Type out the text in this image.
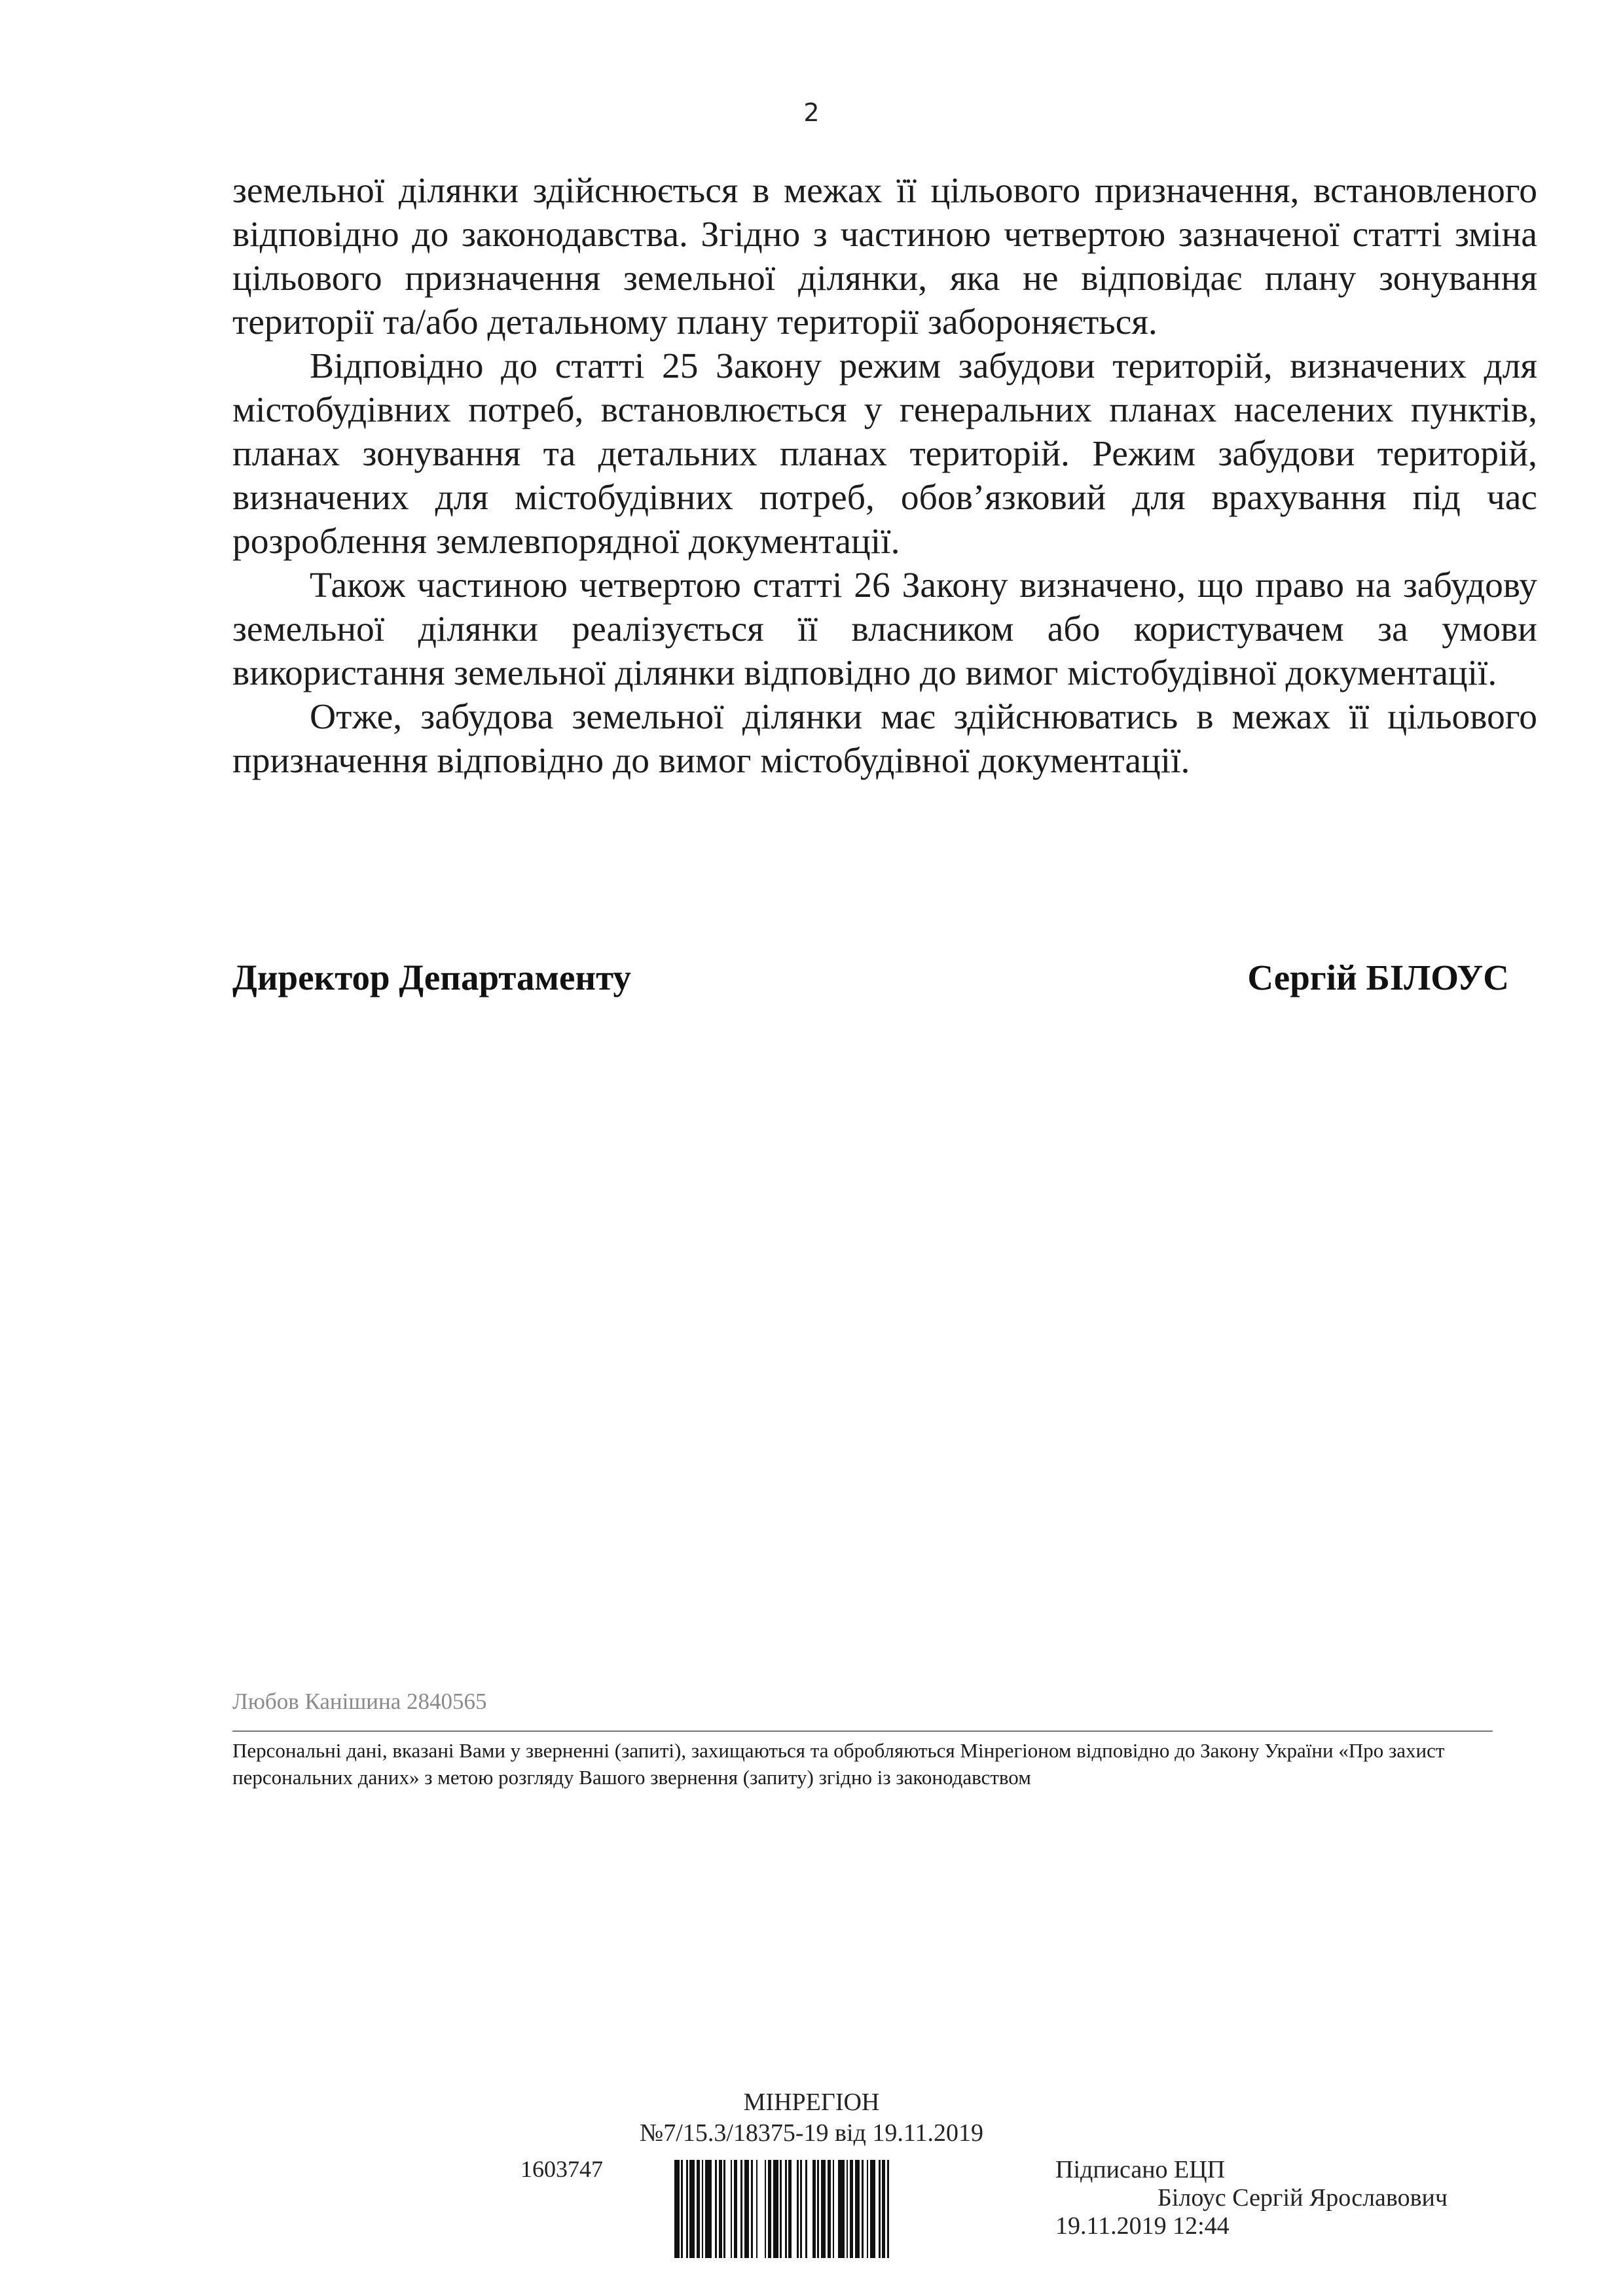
2

земельної ділянки здійснюється в межах її цільового призначення, встановленого відповідно до законодавства. Згідно з частиною четвертою зазначеної статті зміна цільового призначення земельної ділянки, яка не відповідає плану зонування території та/або детальному плану території забороняється.

Відповідно до статті 25 Закону режим забудови територій, визначених для містобудівних потреб, встановлюється у генеральних планах населених пунктів, планах зонування та детальних планах територій. Режим забудови територій, визначених для містобудівних потреб, обов’язковий для врахування під час розроблення землевпорядної документації.

Також частиною четвертою статті 26 Закону визначено, що право на забудову земельної ділянки реалізується її власником або користувачем за умови використання земельної ділянки відповідно до вимог містобудівної документації.

Отже, забудова земельної ділянки має здійснюватись в межах її цільового призначення відповідно до вимог містобудівної документації.

Директор Департаменту	Сергій БІЛОУС
Любов Канішина 2840565
Персональні дані, вказані Вами у зверненні (запиті), захищаються та обробляються Мінрегіоном відповідно до Закону України «Про захист персональних даних» з метою розгляду Вашого звернення (запиту) згідно із законодавством
МІНРЕГІОН
№7/15.3/18375-19 від 19.11.2019
1603747	Підписано ЕЦП
Білоус Сергій Ярославович
19.11.2019 12:44
